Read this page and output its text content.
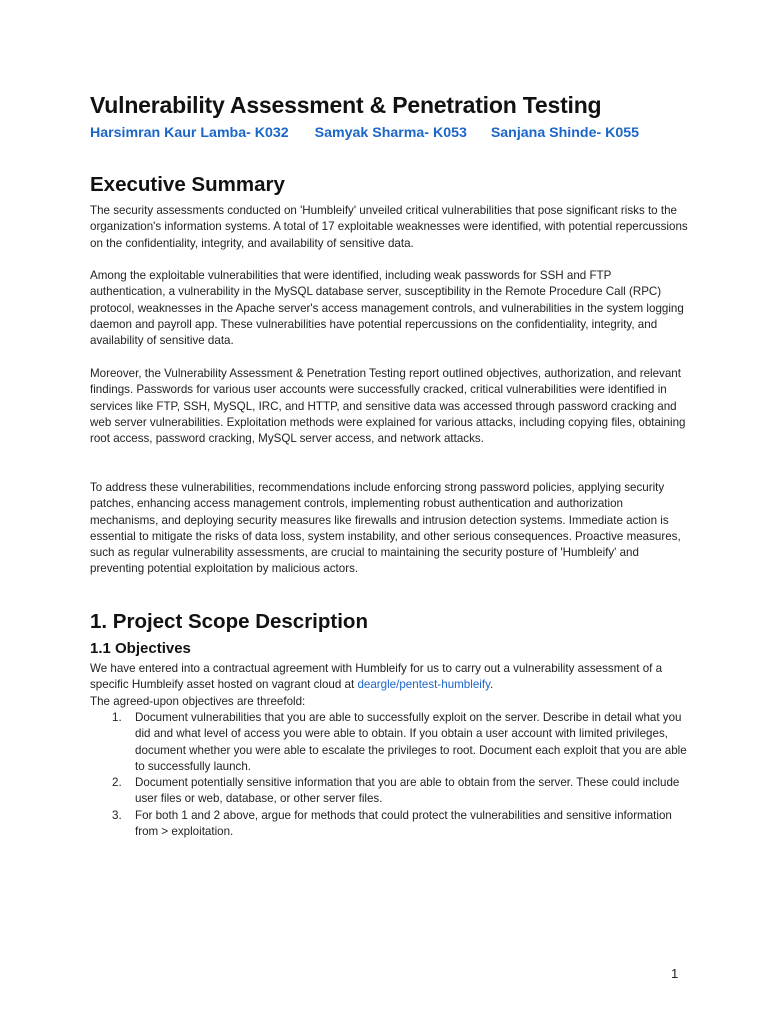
Vulnerability Assessment & Penetration Testing
Harsimran Kaur Lamba- K032 Samyak Sharma- K053 Sanjana Shinde- K055
Executive Summary

The security assessments conducted on 'Humbleify' unveiled critical vulnerabilities that pose significant risks to the organization's information systems. A total of 17 exploitable weaknesses were identified, with potential repercussions on the confidentiality, integrity, and availability of sensitive data.

Among the exploitable vulnerabilities that were identified, including weak passwords for SSH and FTP authentication, a vulnerability in the MySQL database server, susceptibility in the Remote Procedure Call (RPC) protocol, weaknesses in the Apache server's access management controls, and vulnerabilities in the system logging daemon and payroll app. These vulnerabilities have potential repercussions on the confidentiality, integrity, and availability of sensitive data.

Moreover, the Vulnerability Assessment & Penetration Testing report outlined objectives, authorization, and relevant findings. Passwords for various user accounts were successfully cracked, critical vulnerabilities were identified in services like FTP, SSH, MySQL, IRC, and HTTP, and sensitive data was accessed through password cracking and web server vulnerabilities. Exploitation methods were explained for various attacks, including copying files, obtaining root access, password cracking, MySQL server access, and network attacks.

To address these vulnerabilities, recommendations include enforcing strong password policies, applying security patches, enhancing access management controls, implementing robust authentication and authorization mechanisms, and deploying security measures like firewalls and intrusion detection systems. Immediate action is essential to mitigate the risks of data loss, system instability, and other serious consequences. Proactive measures, such as regular vulnerability assessments, are crucial to maintaining the security posture of 'Humbleify' and preventing potential exploitation by malicious actors.

1. Project Scope Description
1.1 Objectives

We have entered into a contractual agreement with Humbleify for us to carry out a vulnerability assessment of a specific Humbleify asset hosted on vagrant cloud at deargle/pentest-humbleify.
The agreed-upon objectives are threefold:

1. Document vulnerabilities that you are able to successfully exploit on the server. Describe in detail what you did and what level of access you were able to obtain. If you obtain a user account with limited privileges, document whether you were able to escalate the privileges to root. Document each exploit that you are able to successfully launch.
2. Document potentially sensitive information that you are able to obtain from the server. These could include user files or web, database, or other server files.
3. For both 1 and 2 above, argue for methods that could protect the vulnerabilities and sensitive information from > exploitation.
1
